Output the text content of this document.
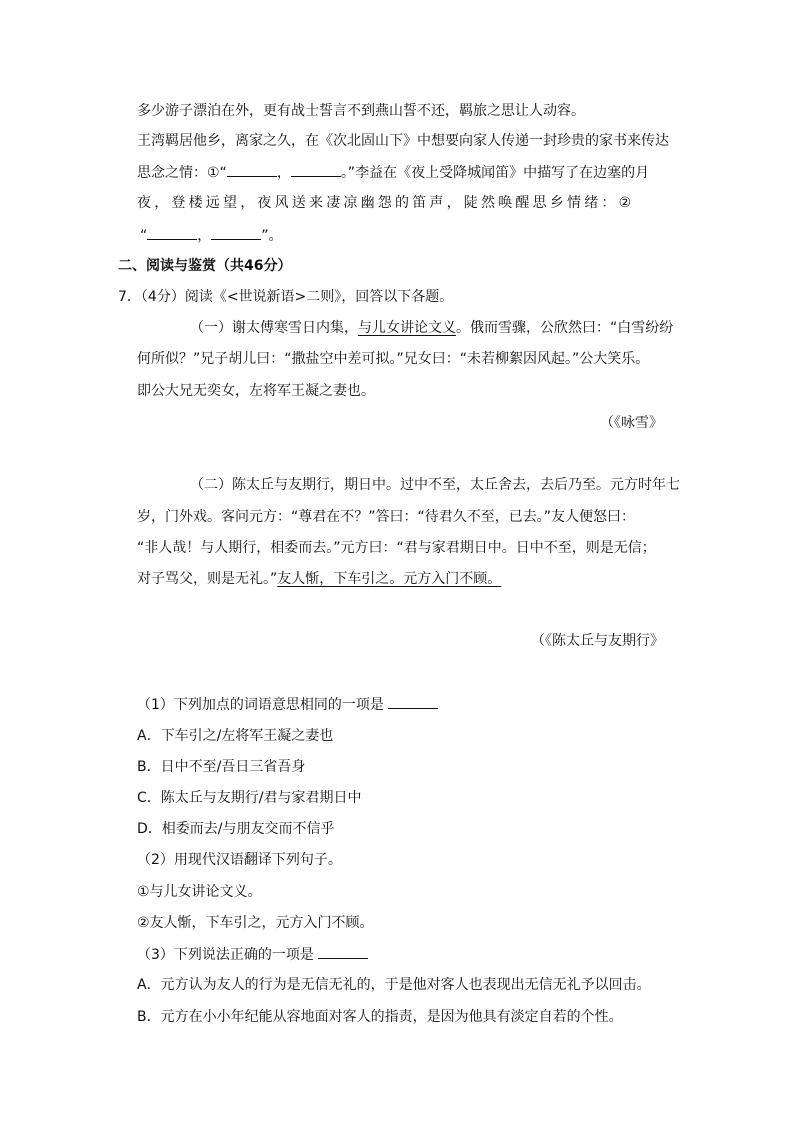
多少游子漂泊在外，更有战士誓言不到燕山誓不还，羁旅之思让人动容。
王湾羁居他乡，离家之久，在《次北固山下》中想要向家人传递一封珍贵的家书来传达
思念之情：①“	，	。”李益在《夜上受降城闻笛》中描写了在边塞的月
夜，登楼远望，夜风送来凄凉幽怨的笛声，陡然唤醒思乡情绪：②
“	，	”。
二、阅读与鉴赏（共46分）
7．（4分）阅读《<世说新语>二则》，回答以下各题。
（一）谢太傅寒雪日内集，与儿女讲论文义。俄而雪骤，公欣然曰：“白雪纷纷
何所似？”兄子胡儿曰：“撒盐空中差可拟。”兄女曰：“未若柳絮因风起。”公大笑乐。
即公大兄无奕女，左将军王凝之妻也。
（《咏雪》
（二）陈太丘与友期行，期日中。过中不至，太丘舍去，去后乃至。元方时年七
岁，门外戏。客问元方：“尊君在不？”答曰：“待君久不至，已去。”友人便怒曰：
“非人哉！与人期行，相委而去。”元方曰：“君与家君期日中。日中不至，则是无信；
对子骂父，则是无礼。”友人惭，下车引之。元方入门不顾。
（《陈太丘与友期行》
（1）下列加点的词语意思相同的一项是
A．下车引之/左将军王凝之妻也
B．日中不至/吾日三省吾身
C．陈太丘与友期行/君与家君期日中
D．相委而去/与朋友交而不信乎
（2）用现代汉语翻译下列句子。
①与儿女讲论文义。
②友人惭，下车引之，元方入门不顾。
（3）下列说法正确的一项是
A．元方认为友人的行为是无信无礼的，于是他对客人也表现出无信无礼予以回击。
B．元方在小小年纪能从容地面对客人的指责，是因为他具有淡定自若的个性。
